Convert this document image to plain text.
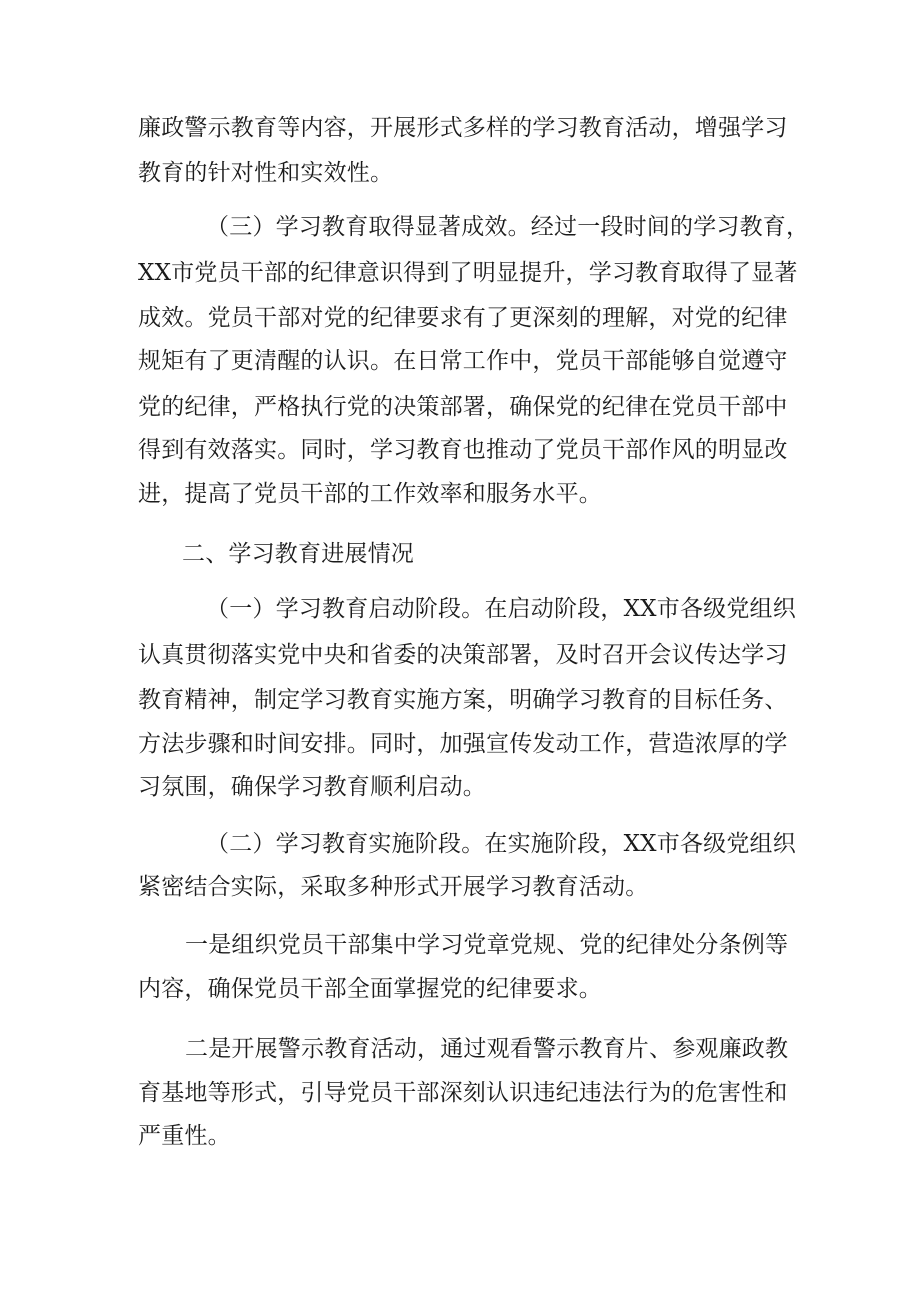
廉政警示教育等内容，开展形式多样的学习教育活动，增强学习
教育的针对性和实效性。
（三）学习教育取得显著成效。经过一段时间的学习教育，
XX市党员干部的纪律意识得到了明显提升，学习教育取得了显著
成效。党员干部对党的纪律要求有了更深刻的理解，对党的纪律
规矩有了更清醒的认识。在日常工作中，党员干部能够自觉遵守
党的纪律，严格执行党的决策部署，确保党的纪律在党员干部中
得到有效落实。同时，学习教育也推动了党员干部作风的明显改
进，提高了党员干部的工作效率和服务水平。
二、学习教育进展情况
（一）学习教育启动阶段。在启动阶段，XX市各级党组织
认真贯彻落实党中央和省委的决策部署，及时召开会议传达学习
教育精神，制定学习教育实施方案，明确学习教育的目标任务、
方法步骤和时间安排。同时，加强宣传发动工作，营造浓厚的学
习氛围，确保学习教育顺利启动。
（二）学习教育实施阶段。在实施阶段，XX市各级党组织
紧密结合实际，采取多种形式开展学习教育活动。
一是组织党员干部集中学习党章党规、党的纪律处分条例等
内容，确保党员干部全面掌握党的纪律要求。
二是开展警示教育活动，通过观看警示教育片、参观廉政教
育基地等形式，引导党员干部深刻认识违纪违法行为的危害性和
严重性。
